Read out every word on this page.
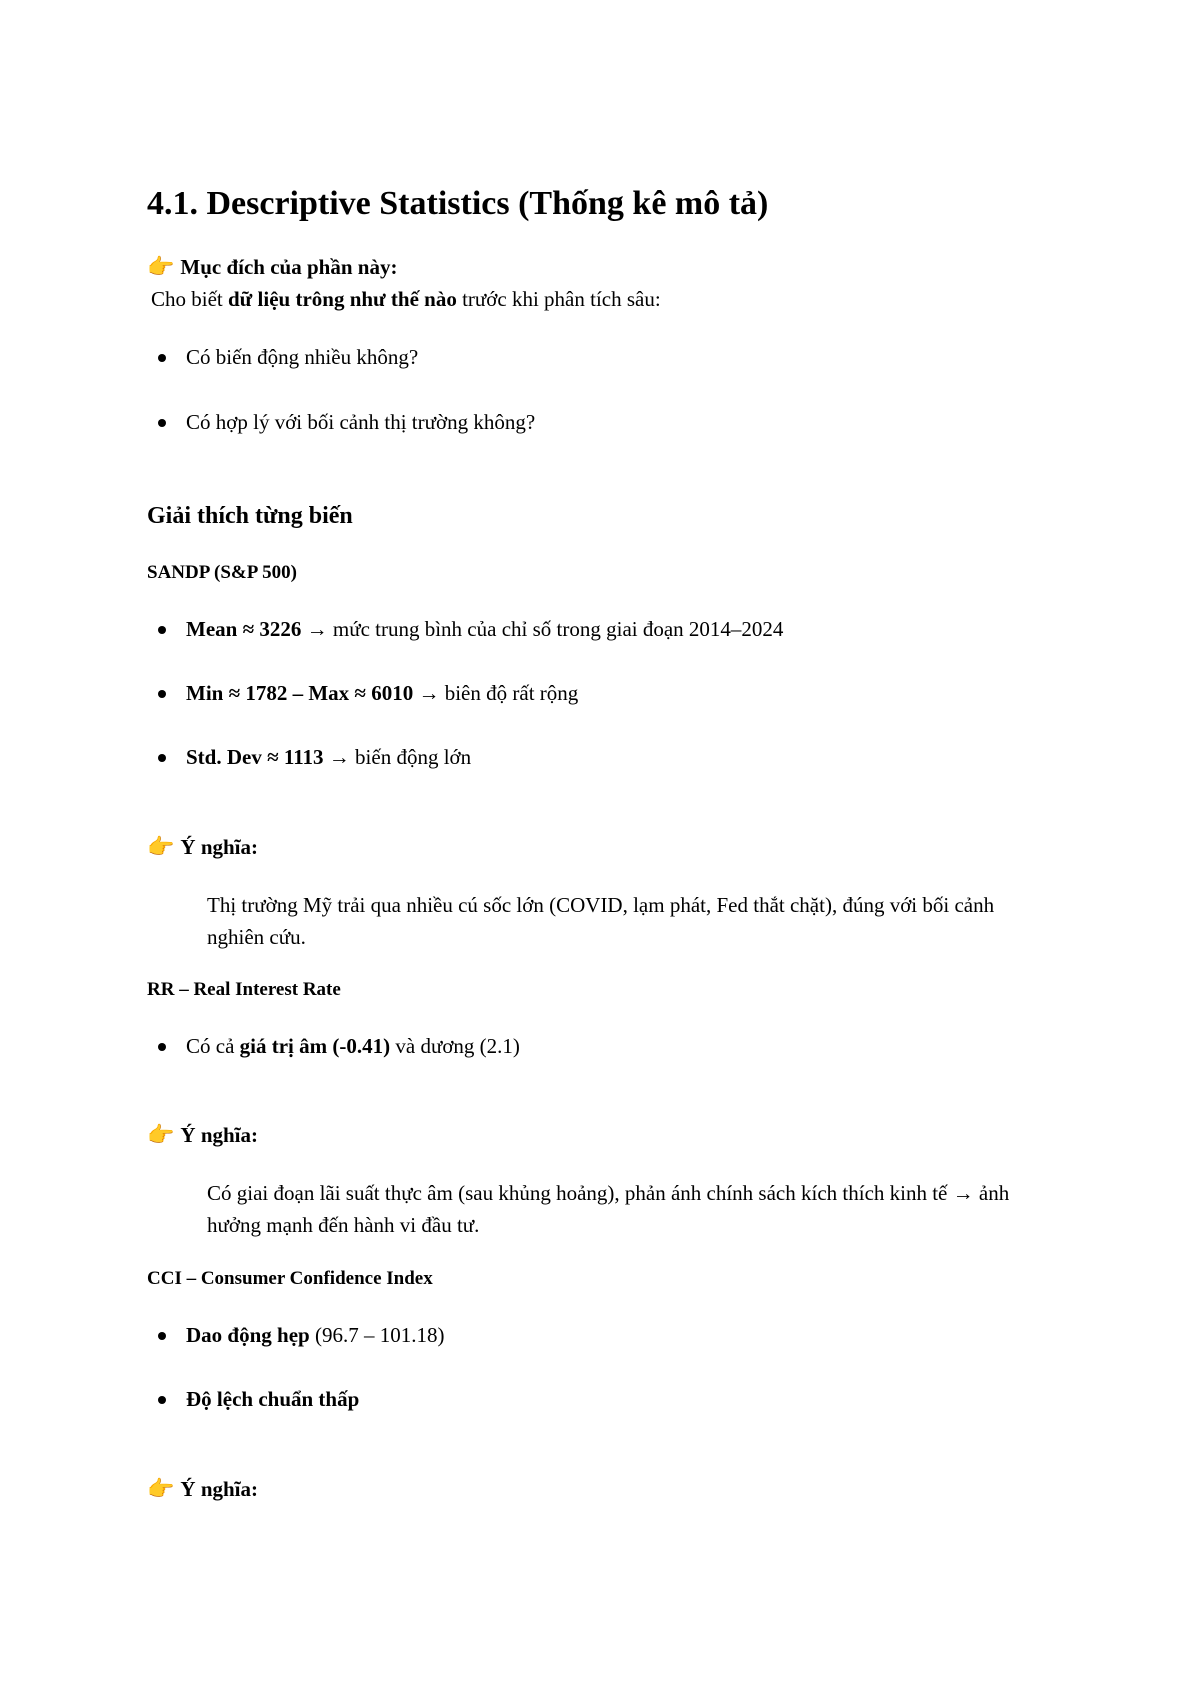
4.1. Descriptive Statistics (Thống kê mô tả)
👉 Mục đích của phần này:
Cho biết dữ liệu trông như thế nào trước khi phân tích sâu:
Có biến động nhiều không?
Có hợp lý với bối cảnh thị trường không?
Giải thích từng biến
SANDP (S&P 500)
Mean ≈ 3226 → mức trung bình của chỉ số trong giai đoạn 2014–2024
Min ≈ 1782 – Max ≈ 6010 → biên độ rất rộng
Std. Dev ≈ 1113 → biến động lớn
👉 Ý nghĩa:
Thị trường Mỹ trải qua nhiều cú sốc lớn (COVID, lạm phát, Fed thắt chặt), đúng với bối cảnh nghiên cứu.
RR – Real Interest Rate
Có cả giá trị âm (-0.41) và dương (2.1)
👉 Ý nghĩa:
Có giai đoạn lãi suất thực âm (sau khủng hoảng), phản ánh chính sách kích thích kinh tế → ảnh hưởng mạnh đến hành vi đầu tư.
CCI – Consumer Confidence Index
Dao động hẹp (96.7 – 101.18)
Độ lệch chuẩn thấp
👉 Ý nghĩa:
